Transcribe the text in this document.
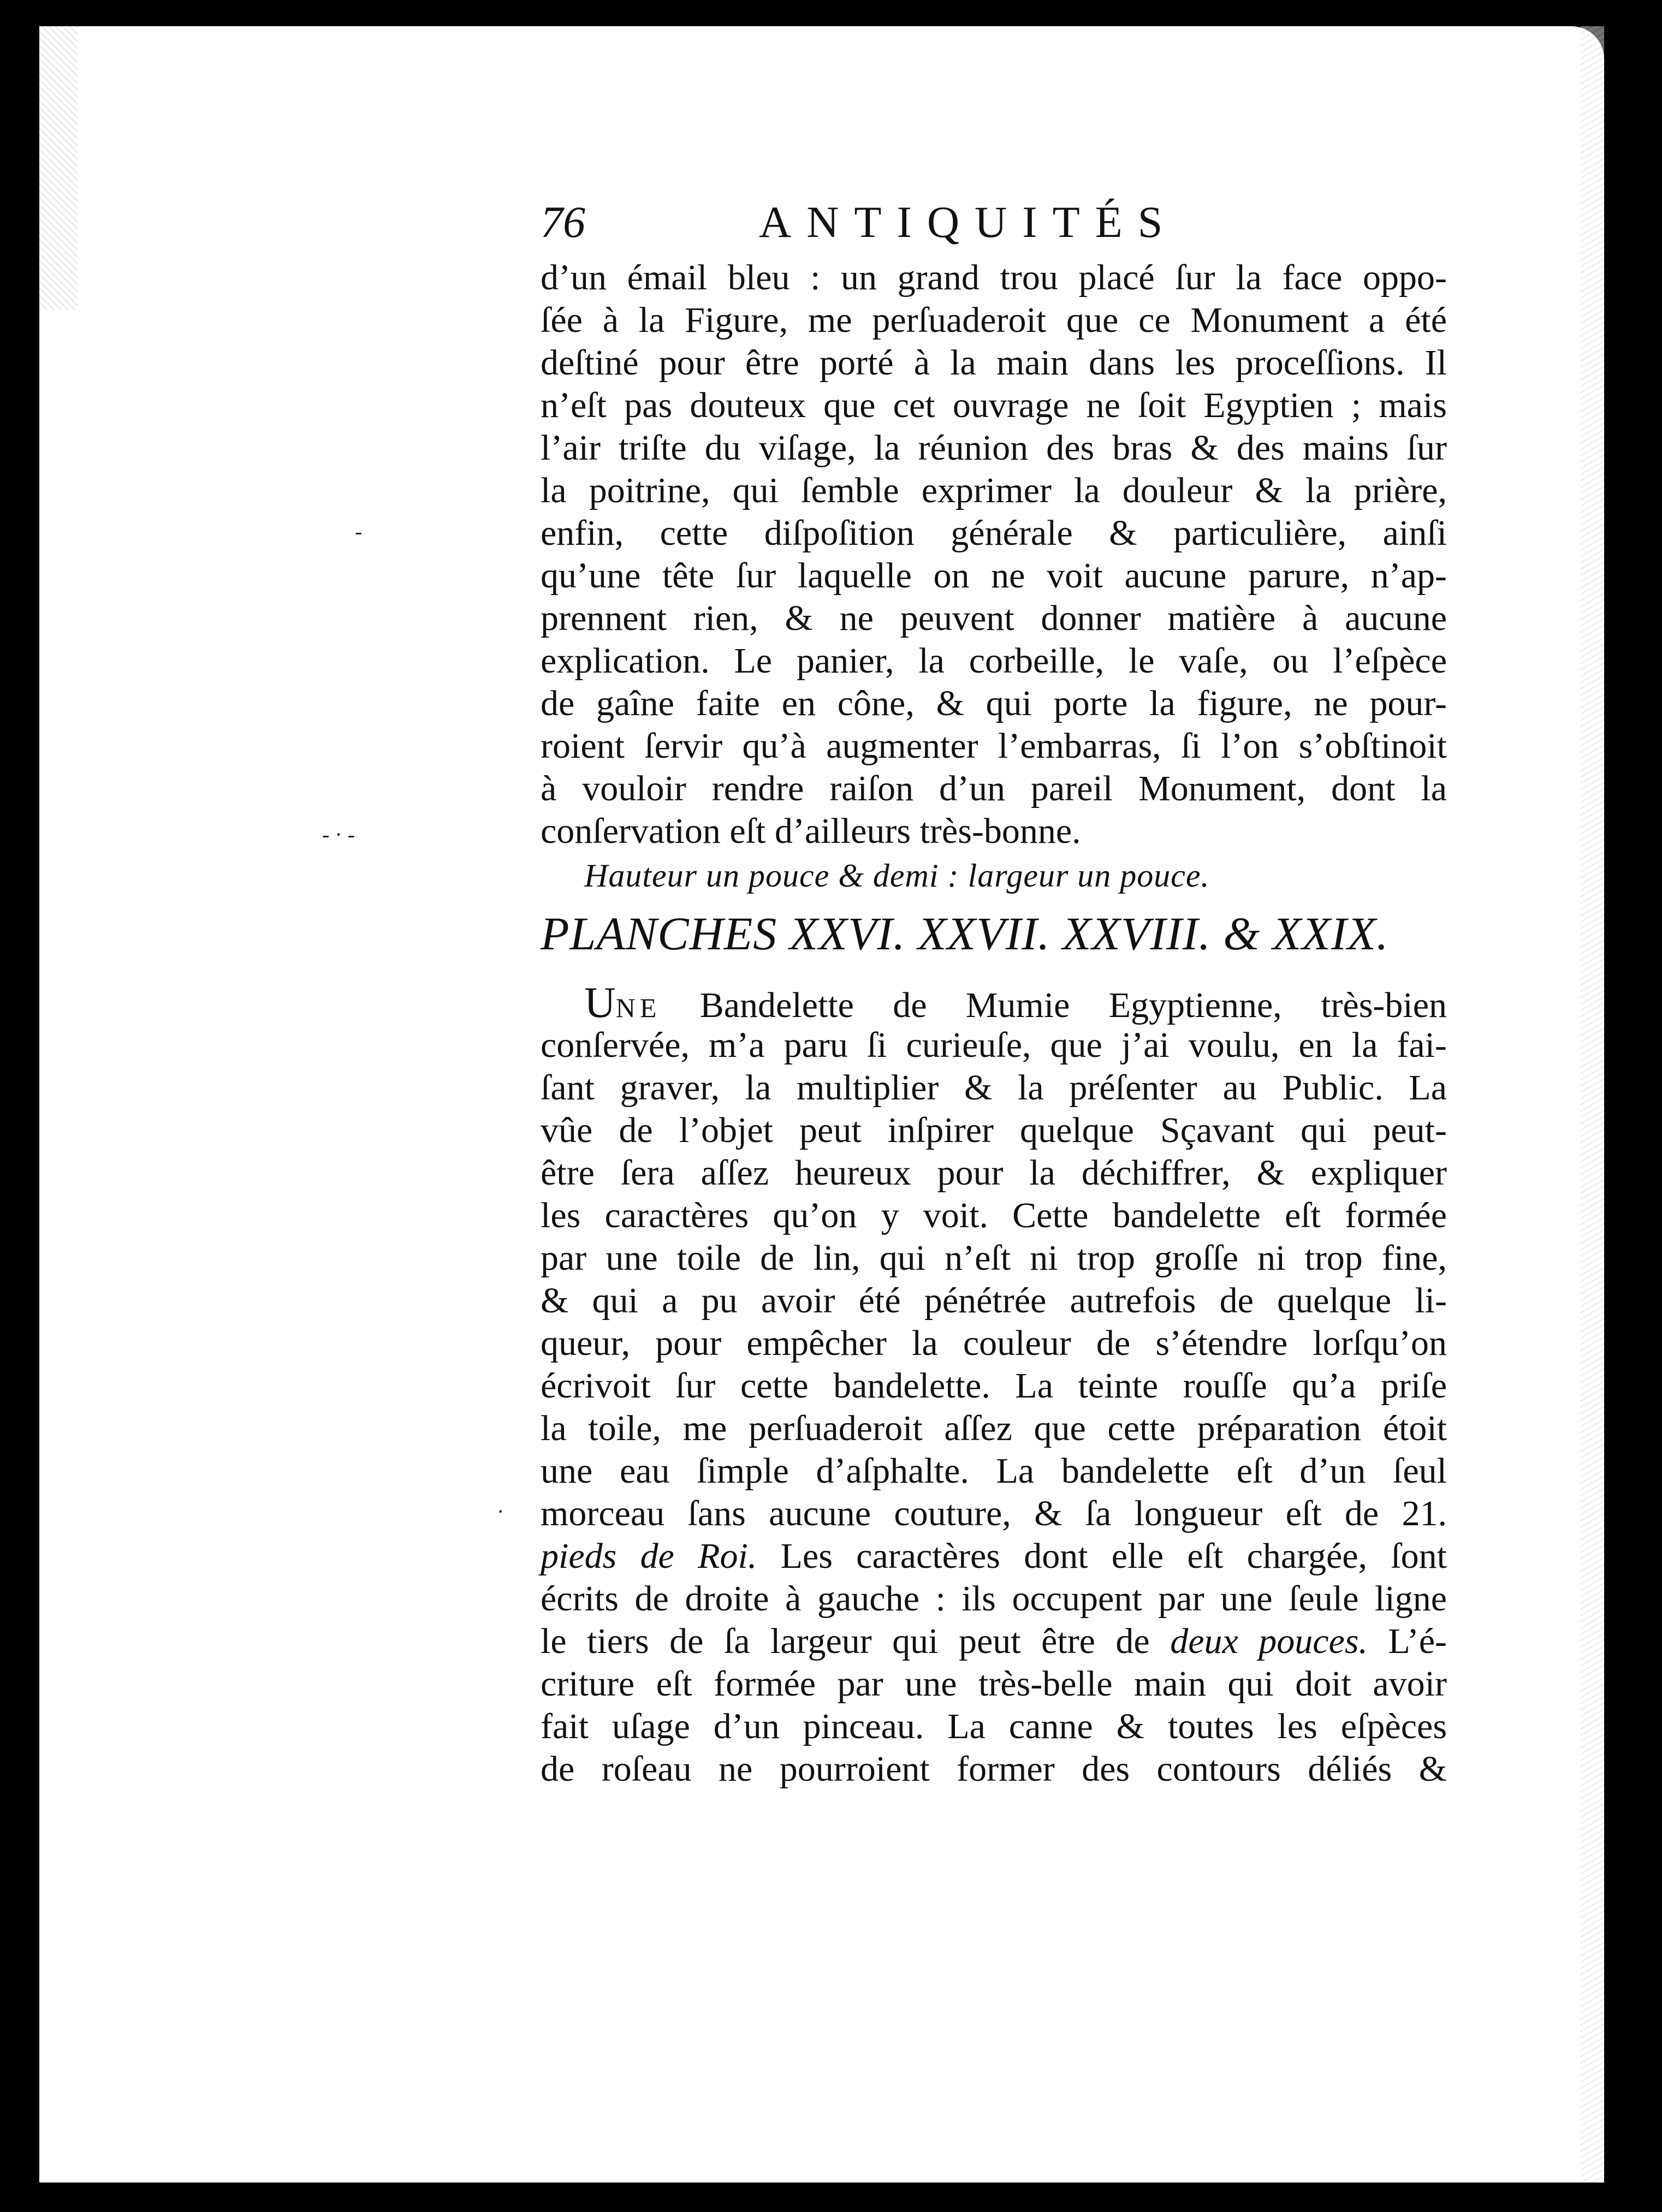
-
- · -
·
76	ANTIQUITÉS
d’un émail bleu : un grand trou placé ſur la face oppo-
ſée à la Figure, me perſuaderoit que ce Monument a été
deſtiné pour être porté à la main dans les proceſſions. Il
n’eſt pas douteux que cet ouvrage ne ſoit Egyptien ; mais
l’air triſte du viſage, la réunion des bras & des mains ſur
la poitrine, qui ſemble exprimer la douleur & la prière,
enfin, cette diſpoſition générale & particulière, ainſi
qu’une tête ſur laquelle on ne voit aucune parure, n’ap-
prennent rien, & ne peuvent donner matière à aucune
explication. Le panier, la corbeille, le vaſe, ou l’eſpèce
de gaîne faite en cône, & qui porte la figure, ne pour-
roient ſervir qu’à augmenter l’embarras, ſi l’on s’obſtinoit
à vouloir rendre raiſon d’un pareil Monument, dont la
conſervation eſt d’ailleurs très-bonne.
Hauteur un pouce & demi : largeur un pouce.
PLANCHES XXVI. XXVII. XXVIII. & XXIX.
UNE Bandelette de Mumie Egyptienne, très-bien
conſervée, m’a paru ſi curieuſe, que j’ai voulu, en la fai-
ſant graver, la multiplier & la préſenter au Public. La
vûe de l’objet peut inſpirer quelque Sçavant qui peut-
être ſera aſſez heureux pour la déchiffrer, & expliquer
les caractères qu’on y voit. Cette bandelette eſt formée
par une toile de lin, qui n’eſt ni trop groſſe ni trop fine,
& qui a pu avoir été pénétrée autrefois de quelque li-
queur, pour empêcher la couleur de s’étendre lorſqu’on
écrivoit ſur cette bandelette. La teinte rouſſe qu’a priſe
la toile, me perſuaderoit aſſez que cette préparation étoit
une eau ſimple d’aſphalte. La bandelette eſt d’un ſeul
morceau ſans aucune couture, & ſa longueur eſt de 21.
pieds de Roi. Les caractères dont elle eſt chargée, ſont
écrits de droite à gauche : ils occupent par une ſeule ligne
le tiers de ſa largeur qui peut être de deux pouces. L’é-
criture eſt formée par une très-belle main qui doit avoir
fait uſage d’un pinceau. La canne & toutes les eſpèces
de roſeau ne pourroient former des contours déliés &
